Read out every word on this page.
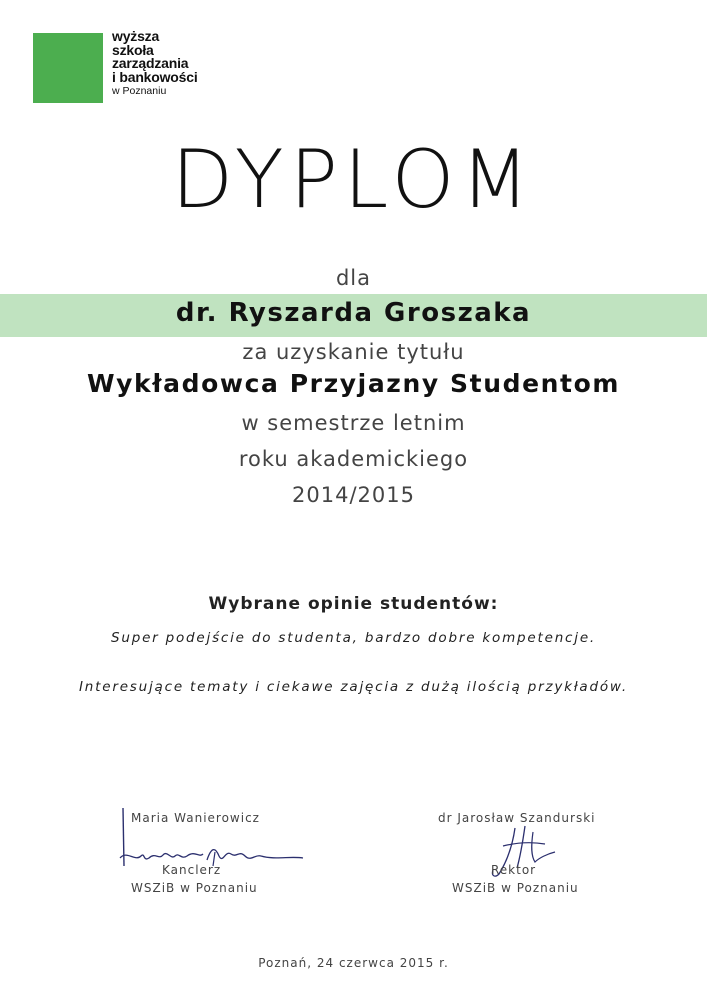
wyższa
szkoła
zarządzania
i bankowości
w Poznaniu
DYPLOM
dla
dr. Ryszarda Groszaka
za uzyskanie tytułu
Wykładowca Przyjazny Studentom
w semestrze letnim
roku akademickiego
2014/2015
Wybrane opinie studentów:
Super podejście do studenta, bardzo dobre kompetencje.
Interesujące tematy i ciekawe zajęcia z dużą ilością przykładów.
Maria Wanierowicz
Kanclerz
WSZiB w Poznaniu
dr Jarosław Szandurski
Rektor
WSZiB w Poznaniu
Poznań, 24 czerwca 2015 r.
